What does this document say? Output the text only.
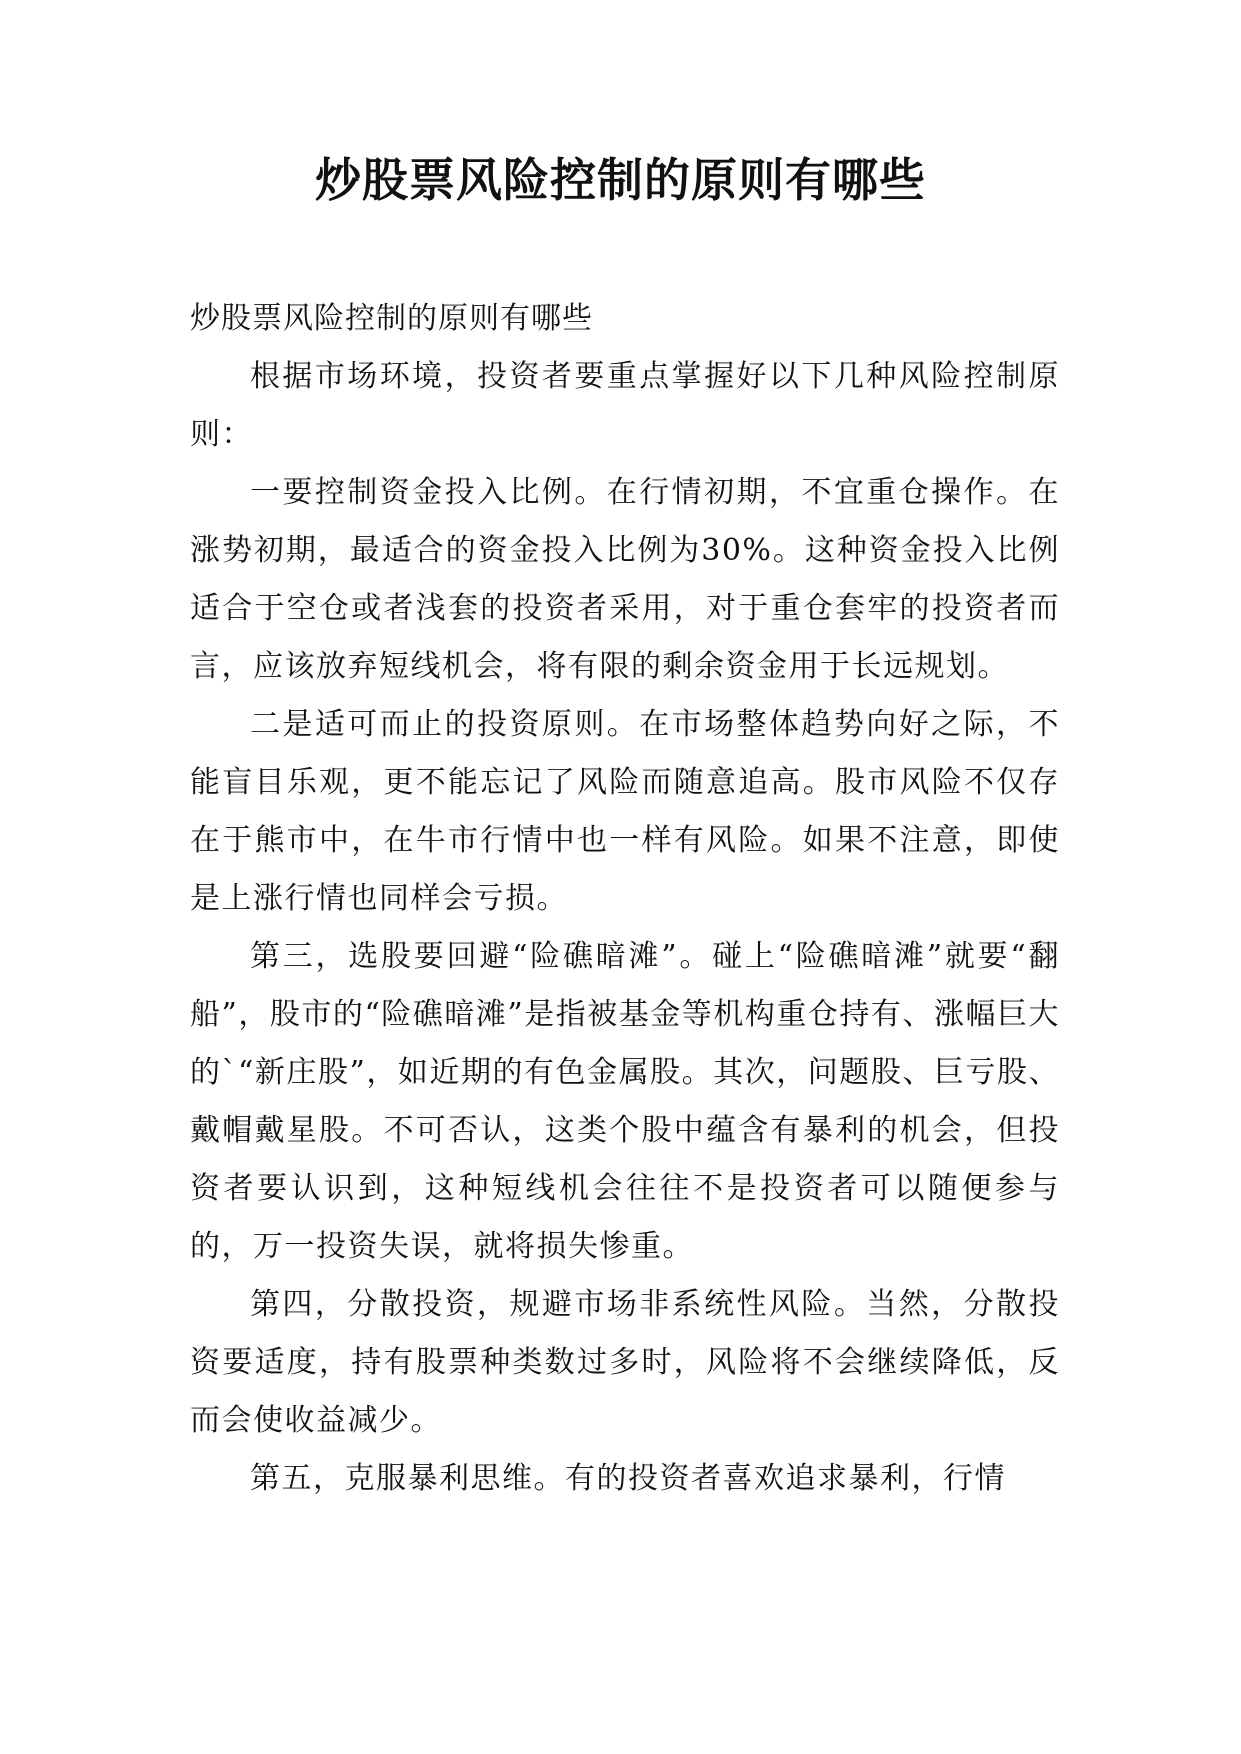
炒股票风险控制的原则有哪些

炒股票风险控制的原则有哪些

根据市场环境，投资者要重点掌握好以下几种风险控制原则：

一要控制资金投入比例。在行情初期，不宜重仓操作。在涨势初期，最适合的资金投入比例为30%。这种资金投入比例适合于空仓或者浅套的投资者采用，对于重仓套牢的投资者而言，应该放弃短线机会，将有限的剩余资金用于长远规划。

二是适可而止的投资原则。在市场整体趋势向好之际，不能盲目乐观，更不能忘记了风险而随意追高。股市风险不仅存在于熊市中，在牛市行情中也一样有风险。如果不注意，即使是上涨行情也同样会亏损。

第三，选股要回避“险礁暗滩”。碰上“险礁暗滩”就要“翻船”，股市的“险礁暗滩”是指被基金等机构重仓持有、涨幅巨大的`“新庄股”，如近期的有色金属股。其次，问题股、巨亏股、戴帽戴星股。不可否认，这类个股中蕴含有暴利的机会，但投资者要认识到，这种短线机会往往不是投资者可以随便参与的，万一投资失误，就将损失惨重。

第四，分散投资，规避市场非系统性风险。当然，分散投资要适度，持有股票种类数过多时，风险将不会继续降低，反而会使收益减少。

第五，克服暴利思维。有的投资者喜欢追求暴利，行情
